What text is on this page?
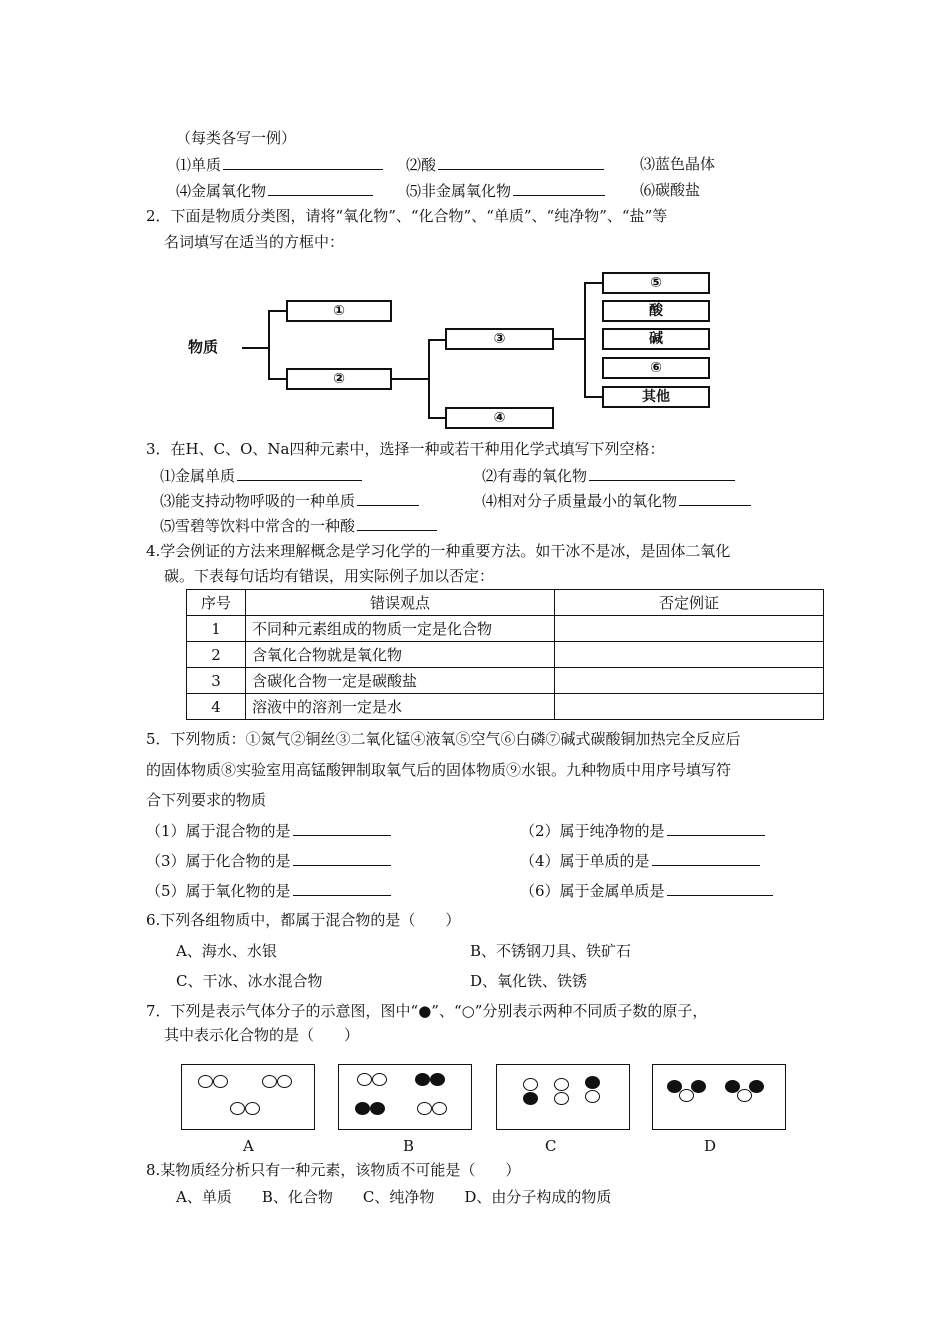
（每类各写一例）
⑴单质	⑵酸	⑶蓝色晶体
⑷金属氧化物	⑸非金属氧化物	⑹碳酸盐
2．下面是物质分类图，请将“氧化物”、“化合物”、“单质”、“纯净物”、“盐”等
名词填写在适当的方框中：
物质
①
②
③
④
⑤
酸
碱
⑥
其他
3．在H、C、O、Na四种元素中，选择一种或若干种用化学式填写下列空格：
⑴金属单质	⑵有毒的氧化物
⑶能支持动物呼吸的一种单质	⑷相对分子质量最小的氧化物
⑸雪碧等饮料中常含的一种酸
4.学会例证的方法来理解概念是学习化学的一种重要方法。如干冰不是冰，是固体二氧化
碳。下表每句话均有错误，用实际例子加以否定：
序号	错误观点	否定例证
1	不同种元素组成的物质一定是化合物	
2	含氧化合物就是氧化物	
3	含碳化合物一定是碳酸盐	
4	溶液中的溶剂一定是水	
5．下列物质：①氮气②铜丝③二氧化锰④液氧⑤空气⑥白磷⑦碱式碳酸铜加热完全反应后
的固体物质⑧实验室用高锰酸钾制取氧气后的固体物质⑨水银。九种物质中用序号填写符
合下列要求的物质
（1）属于混合物的是	（2）属于纯净物的是
（3）属于化合物的是	（4）属于单质的是
（5）属于氧化物的是	（6）属于金属单质是
6.下列各组物质中，都属于混合物的是（　　）
A、海水、水银	B、不锈钢刀具、铁矿石
C、干冰、冰水混合物	D、氧化铁、铁锈
7．下列是表示气体分子的示意图，图中“●”、“○”分别表示两种不同质子数的原子，
其中表示化合物的是（　　）
A	B	C	D
8.某物质经分析只有一种元素，该物质不可能是（　　）
A、单质　　B、化合物　　C、纯净物　　D、由分子构成的物质
